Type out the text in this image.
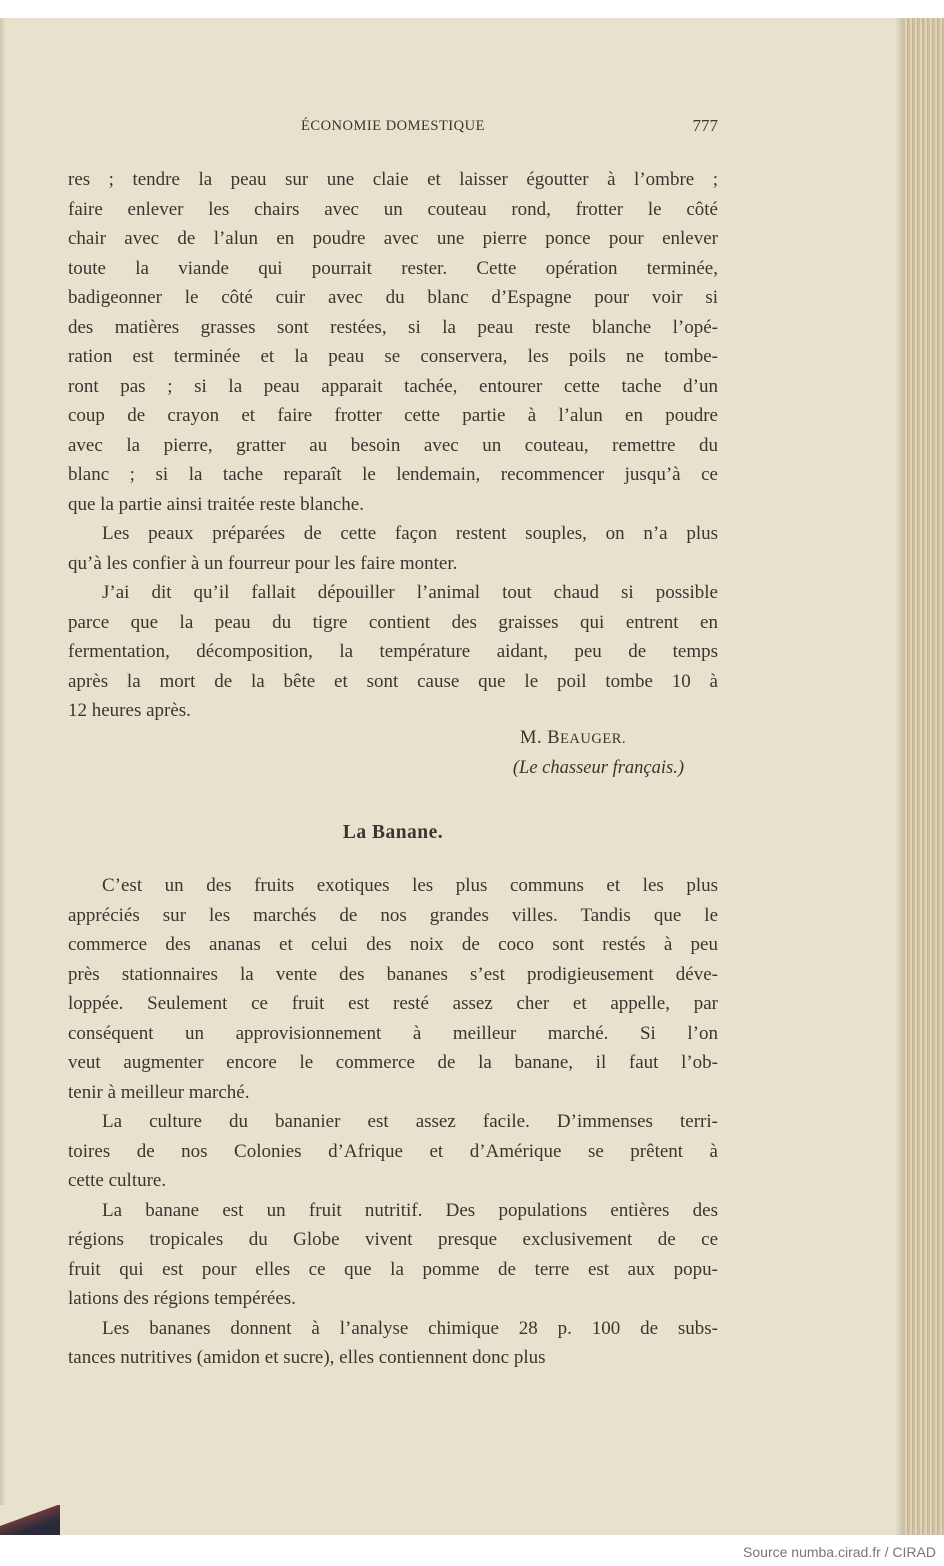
ÉCONOMIE DOMESTIQUE	777
res ; tendre la peau sur une claie et laisser égoutter à l’ombre ;
faire enlever les chairs avec un couteau rond, frotter le côté
chair avec de l’alun en poudre avec une pierre ponce pour enlever
toute la viande qui pourrait rester. Cette opération terminée,
badigeonner le côté cuir avec du blanc d’Espagne pour voir si
des matières grasses sont restées, si la peau reste blanche l’opé-
ration est terminée et la peau se conservera, les poils ne tombe-
ront pas ; si la peau apparait tachée, entourer cette tache d’un
coup de crayon et faire frotter cette partie à l’alun en poudre
avec la pierre, gratter au besoin avec un couteau, remettre du
blanc ; si la tache reparaît le lendemain, recommencer jusqu’à ce
que la partie ainsi traitée reste blanche.
Les peaux préparées de cette façon restent souples, on n’a plus
qu’à les confier à un fourreur pour les faire monter.
J’ai dit qu’il fallait dépouiller l’animal tout chaud si possible
parce que la peau du tigre contient des graisses qui entrent en
fermentation, décomposition, la température aidant, peu de temps
après la mort de la bête et sont cause que le poil tombe 10 à
12 heures après.
M. BEAUGER.
(Le chasseur français.)
La Banane.
C’est un des fruits exotiques les plus communs et les plus
appréciés sur les marchés de nos grandes villes. Tandis que le
commerce des ananas et celui des noix de coco sont restés à peu
près stationnaires la vente des bananes s’est prodigieusement déve-
loppée. Seulement ce fruit est resté assez cher et appelle, par
conséquent un approvisionnement à meilleur marché. Si l’on
veut augmenter encore le commerce de la banane, il faut l’ob-
tenir à meilleur marché.
La culture du bananier est assez facile. D’immenses terri-
toires de nos Colonies d’Afrique et d’Amérique se prêtent à
cette culture.
La banane est un fruit nutritif. Des populations entières des
régions tropicales du Globe vivent presque exclusivement de ce
fruit qui est pour elles ce que la pomme de terre est aux popu-
lations des régions tempérées.
Les bananes donnent à l’analyse chimique 28 p. 100 de subs-
tances nutritives (amidon et sucre), elles contiennent donc plus
Source numba.cirad.fr / CIRAD
